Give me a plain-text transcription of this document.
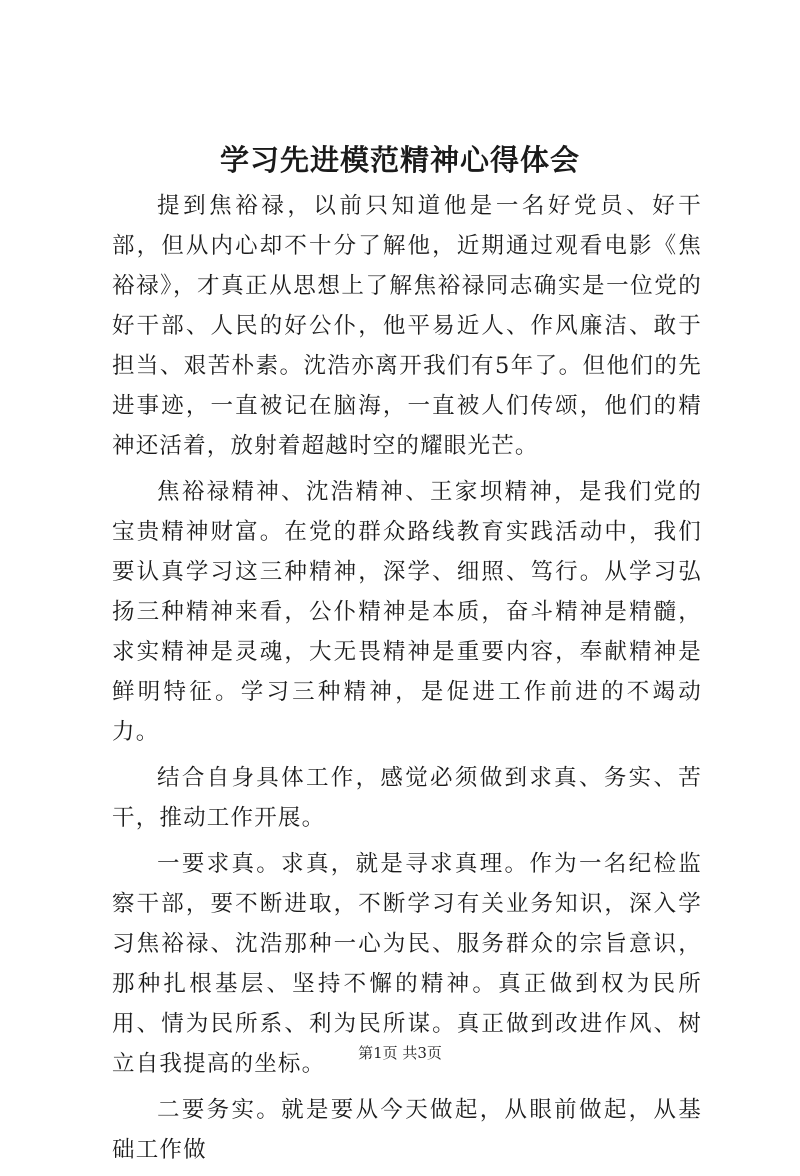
学习先进模范精神心得体会

提到焦裕禄，以前只知道他是一名好党员、好干部，但从内心却不十分了解他，近期通过观看电影《焦裕禄》，才真正从思想上了解焦裕禄同志确实是一位党的好干部、人民的好公仆，他平易近人、作风廉洁、敢于担当、艰苦朴素。沈浩亦离开我们有5年了。但他们的先进事迹，一直被记在脑海，一直被人们传颂，他们的精神还活着，放射着超越时空的耀眼光芒。

焦裕禄精神、沈浩精神、王家坝精神，是我们党的宝贵精神财富。在党的群众路线教育实践活动中，我们要认真学习这三种精神，深学、细照、笃行。从学习弘扬三种精神来看，公仆精神是本质，奋斗精神是精髓，求实精神是灵魂，大无畏精神是重要内容，奉献精神是鲜明特征。学习三种精神，是促进工作前进的不竭动力。

结合自身具体工作，感觉必须做到求真、务实、苦干，推动工作开展。

一要求真。求真，就是寻求真理。作为一名纪检监察干部，要不断进取，不断学习有关业务知识，深入学习焦裕禄、沈浩那种一心为民、服务群众的宗旨意识，那种扎根基层、坚持不懈的精神。真正做到权为民所用、情为民所系、利为民所谋。真正做到改进作风、树立自我提高的坐标。

二要务实。就是要从今天做起，从眼前做起，从基础工作做

第1页 共3页
